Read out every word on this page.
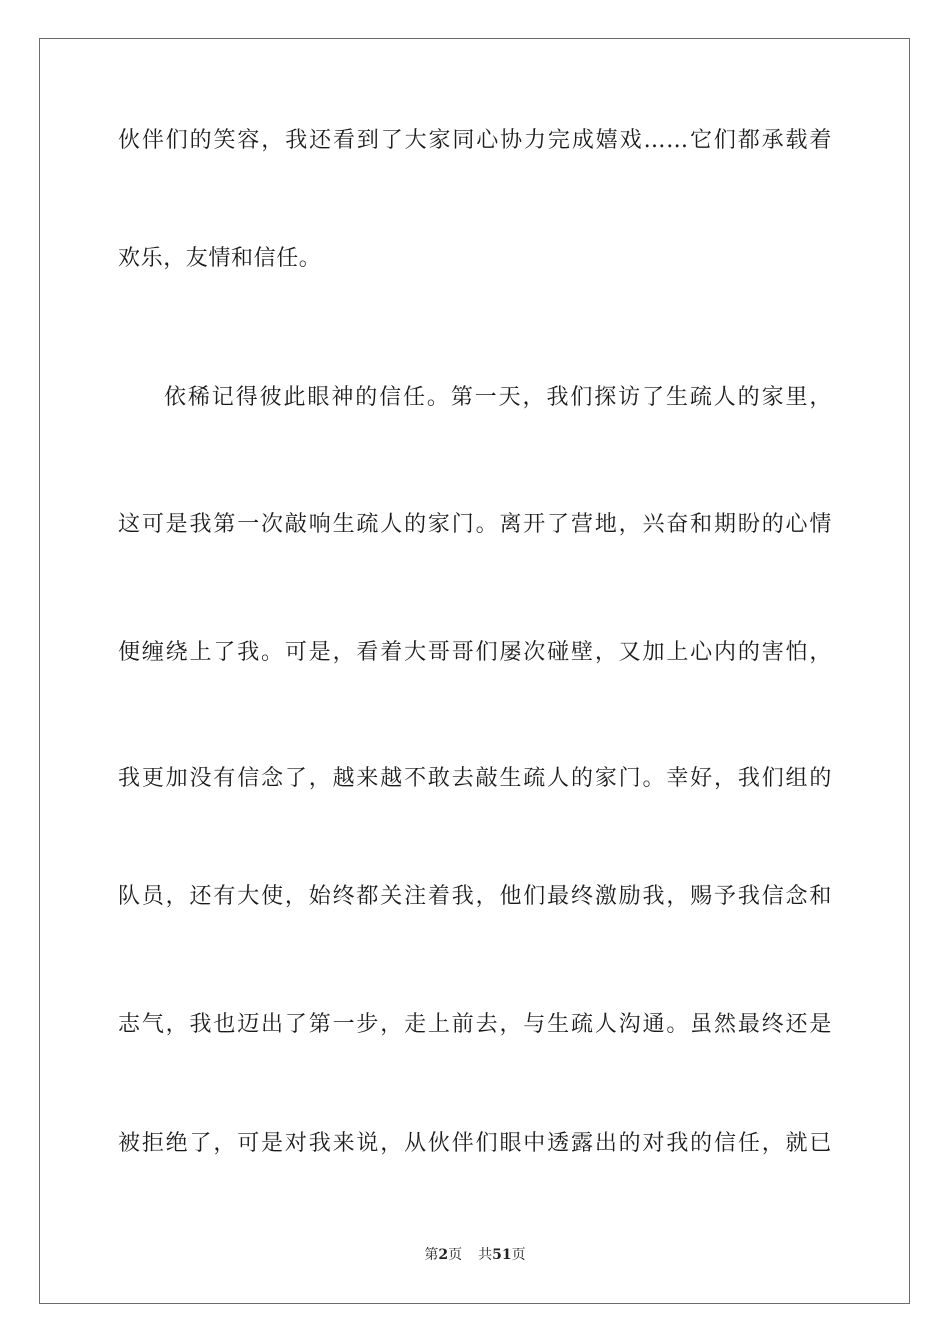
伙伴们的笑容，我还看到了大家同心协力完成嬉戏……它们都承载着
欢乐，友情和信任。
依稀记得彼此眼神的信任。第一天，我们探访了生疏人的家里，
这可是我第一次敲响生疏人的家门。离开了营地，兴奋和期盼的心情
便缠绕上了我。可是，看着大哥哥们屡次碰壁，又加上心内的害怕，
我更加没有信念了，越来越不敢去敲生疏人的家门。幸好，我们组的
队员，还有大使，始终都关注着我，他们最终激励我，赐予我信念和
志气，我也迈出了第一步，走上前去，与生疏人沟通。虽然最终还是
被拒绝了，可是对我来说，从伙伴们眼中透露出的对我的信任，就已
第2页 共51页
